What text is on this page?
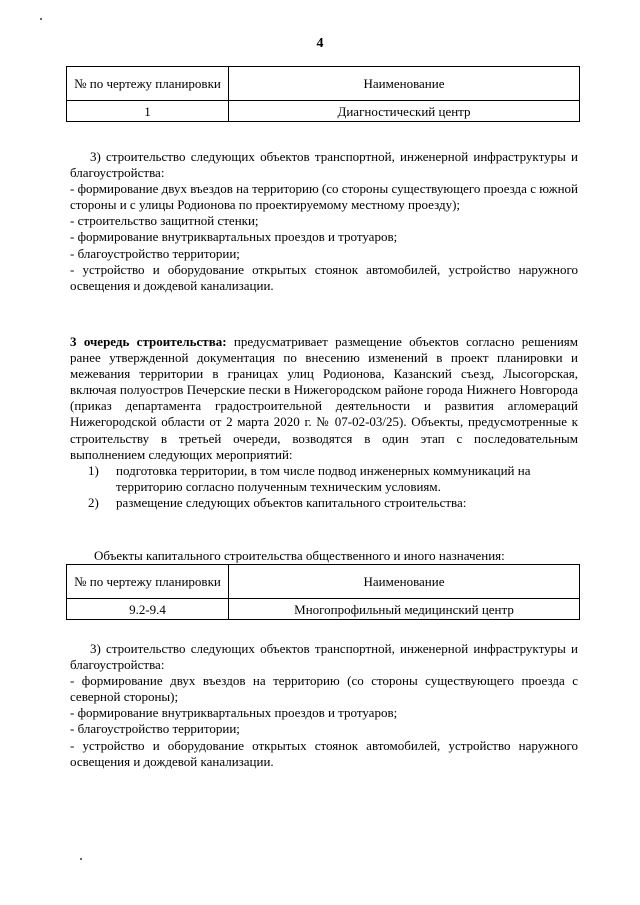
4
№ по чертежу планировки	Наименование
1	Диагностический центр

3) строительство следующих объектов транспортной, инженерной инфраструктуры и благоустройства:

- формирование двух въездов на территорию (со стороны существующего проезда с южной стороны и с улицы Родионова по проектируемому местному проезду);

- строительство защитной стенки;

- формирование внутриквартальных проездов и тротуаров;

- благоустройство территории;

- устройство и оборудование открытых стоянок автомобилей, устройство наружного освещения и дождевой канализации.

3 очередь строительства: предусматривает размещение объектов согласно решениям ранее утвержденной документация по внесению изменений в проект планировки и межевания территории в границах улиц Родионова, Казанский съезд, Лысогорская, включая полуостров Печерские пески в Нижегородском районе города Нижнего Новгорода (приказ департамента градостроительной деятельности и развития агломераций Нижегородской области от 2 марта 2020 г. № 07-02-03/25). Объекты, предусмотренные к строительству в третьей очереди, возводятся в один этап с последовательным выполнением следующих мероприятий:

1)	подготовка территории, в том числе подвод инженерных коммуникаций на территорию согласно полученным техническим условиям.
2)	размещение следующих объектов капитального строительства:
Объекты капитального строительства общественного и иного назначения:
№ по чертежу планировки	Наименование
9.2-9.4	Многопрофильный медицинский центр

3) строительство следующих объектов транспортной, инженерной инфраструктуры и благоустройства:

- формирование двух въездов на территорию (со стороны существующего проезда с северной стороны);

- формирование внутриквартальных проездов и тротуаров;

- благоустройство территории;

- устройство и оборудование открытых стоянок автомобилей, устройство наружного освещения и дождевой канализации.
